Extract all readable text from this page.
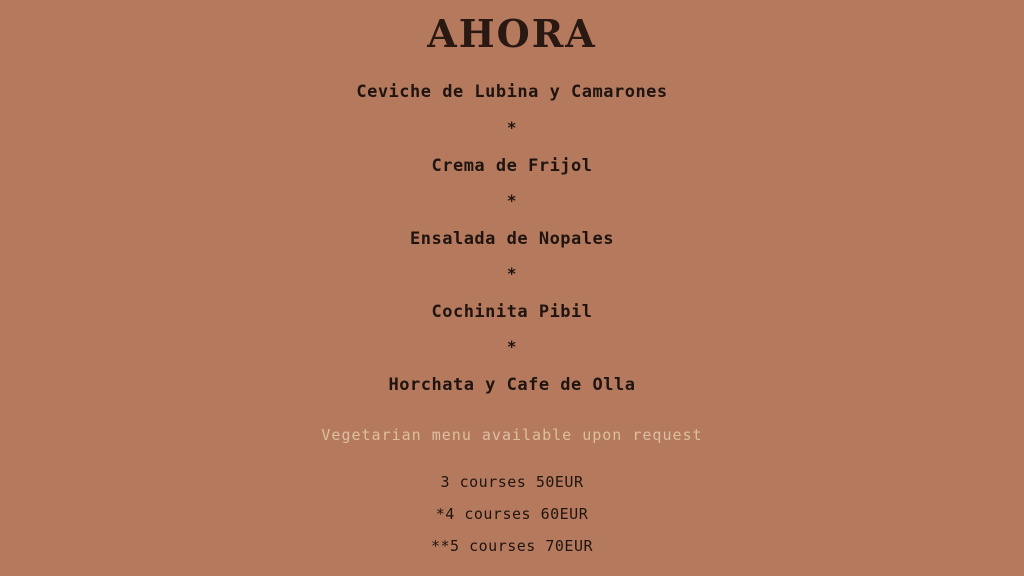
AHORA
Ceviche de Lubina y Camarones
*
Crema de Frijol
*
Ensalada de Nopales
*
Cochinita Pibil
*
Horchata y Cafe de Olla
Vegetarian menu available upon request
3 courses 50EUR
*4 courses 60EUR
**5 courses 70EUR
